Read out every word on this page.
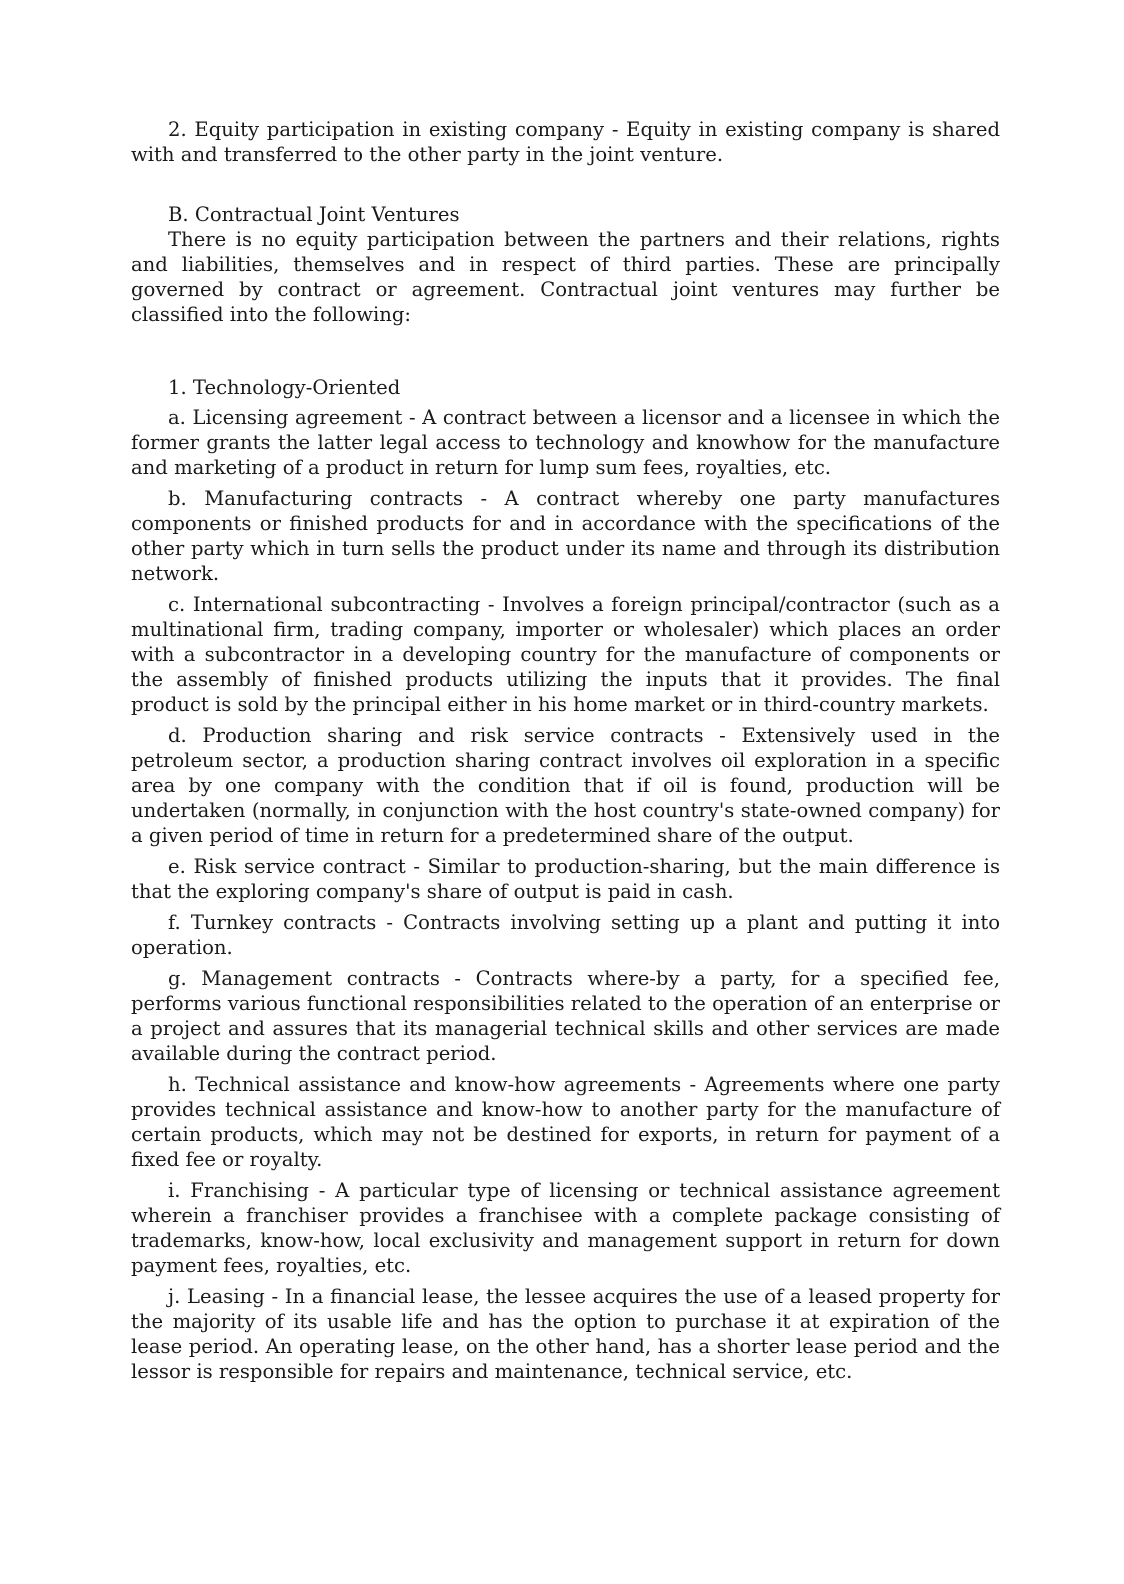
2. Equity participation in existing company - Equity in existing company is shared with and transferred to the other party in the joint venture.

B. Contractual Joint Ventures

There is no equity participation between the partners and their relations, rights and liabilities, themselves and in respect of third parties. These are principally governed by contract or agreement. Contractual joint ventures may further be classified into the following:

1. Technology-Oriented

a. Licensing agreement - A contract between a licensor and a licensee in which the former grants the latter legal access to technology and knowhow for the manufacture and marketing of a product in return for lump sum fees, royalties, etc.

b. Manufacturing contracts - A contract whereby one party manufactures components or finished products for and in accordance with the specifications of the other party which in turn sells the product under its name and through its distribution network.

c. International subcontracting - Involves a foreign principal/contractor (such as a multinational firm, trading company, importer or wholesaler) which places an order with a subcontractor in a developing country for the manufacture of components or the assembly of finished products utilizing the inputs that it provides. The final product is sold by the principal either in his home market or in third-country markets.

d. Production sharing and risk service contracts - Extensively used in the petroleum sector, a production sharing contract involves oil exploration in a specific area by one company with the condition that if oil is found, production will be undertaken (normally, in conjunction with the host country's state-owned company) for a given period of time in return for a predetermined share of the output.

e. Risk service contract - Similar to production-sharing, but the main difference is that the exploring company's share of output is paid in cash.

f. Turnkey contracts - Contracts involving setting up a plant and putting it into operation.

g. Management contracts - Contracts where-by a party, for a specified fee, performs various functional responsibilities related to the operation of an enterprise or a project and assures that its managerial technical skills and other services are made available during the contract period.

h. Technical assistance and know-how agreements - Agreements where one party provides technical assistance and know-how to another party for the manufacture of certain products, which may not be destined for exports, in return for payment of a fixed fee or royalty.

i. Franchising - A particular type of licensing or technical assistance agreement wherein a franchiser provides a franchisee with a complete package consisting of trademarks, know-how, local exclusivity and management support in return for down payment fees, royalties, etc.

j. Leasing - In a financial lease, the lessee acquires the use of a leased property for the majority of its usable life and has the option to purchase it at expiration of the lease period. An operating lease, on the other hand, has a shorter lease period and the lessor is responsible for repairs and maintenance, technical service, etc.
